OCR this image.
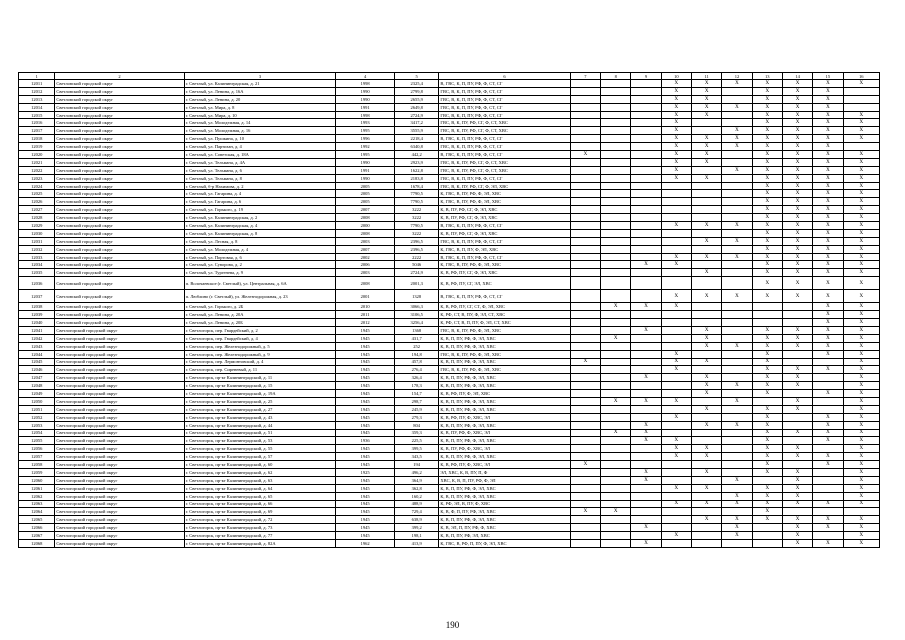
1	2	3	4	5	6	7	8	9	10	11	12	13	14	15	16
12011	Светловский городской округ	г. Светлый, ул. Калининградская, д. 21	1998	2325,4	В, ГВС, К, П, ПУ, РФ, Ф, СТ, СГ				Х	Х	Х	Х	Х	Х	Х
12012	Светловский городской округ	г. Светлый, ул. Ленина, д. 16А	1990	2799,8	ГВС, В, К, П, ПУ, РФ, Ф, СТ, СГ				Х	Х		Х	Х	Х	
12013	Светловский городской округ	г. Светлый, ул. Ленина, д. 20	1990	2655,9	ГВС, В, К, П, ПУ, РФ, Ф, СТ, СГ				Х	Х		Х	Х	Х	
12014	Светловский городской округ	г. Светлый, ул. Мира, д. 8	1991	2649,8	ГВС, В, К, П, ПУ, РФ, Ф, СТ, СГ				Х	Х	Х	Х	Х	Х	
12015	Светловский городской округ	г. Светлый, ул. Мира, д. 10	1998	2724,9	ГВС, В, К, П, ПУ, РФ, Ф, СТ, СГ				Х	Х		Х	Х	Х	Х
12016	Светловский городской округ	г. Светлый, ул. Молодежная, д. 14	1993	3417,2	ГВС, В, К, ПУ, РФ, СГ, Ф, СТ, ХВС				Х			Х	Х	Х	Х
12017	Светловский городской округ	г. Светлый, ул. Молодежная, д. 16	1995	3555,9	ГВС, В, К, ПУ, РФ, СГ, Ф, СТ, ХВС				Х		Х	Х	Х	Х	Х
12018	Светловский городской округ	г. Светлый, ул. Пушкина, д. 10	1996	2218,4	В, ГВС, К, П, ПУ, РФ, Ф, СТ, СГ				Х	Х	Х	Х	Х	Х	Х
12019	Светловский городской округ	г. Светлый, ул. Партизан, д. 4	1992	6340,8	ГВС, В, К, П, ПУ, РФ, Ф, СТ, СГ				Х	Х	Х	Х	Х	Х	
12020	Светловский городской округ	г. Светлый, ул. Советская, д. 18А	1995	442,2	В, ГВС, К, П, ПУ, РФ, Ф, СТ, СГ	Х			Х	Х		Х	Х	Х	Х
12021	Светловский городской округ	г. Светлый, ул. Тельмана, д. 4А	1990	2923,9	ГВС, В, К, ПУ, РФ, СГ, Ф, СТ, ХВС				Х	Х		Х	Х	Х	Х
12022	Светловский городской округ	г. Светлый, ул. Тельмана, д. 6	1991	1622,8	ГВС, В, К, ПУ, РФ, СГ, Ф, СТ, ХВС				Х		Х	Х	Х	Х	Х
12023	Светловский городской округ	г. Светлый, ул. Тельмана, д. 8	1990	2183,8	ГВС, В, К, П, ПУ, РФ, Ф, СТ, СГ				Х	Х		Х	Х	Х	Х
12024	Светловский городской округ	г. Светлый, б-р Нахимова, д. 2	2005	1678,4	ГВС, В, К, ПУ, РФ, СГ, Ф, ЭЛ, ХВС							Х	Х	Х	Х
12025	Светловский городской округ	г. Светлый, ул. Гагарина, д. 4	2005	7790,5	К, ГВС, В, ПУ, РФ, Ф, ЭЛ, ХВС							Х	Х	Х	Х
12026	Светловский городской округ	г. Светлый, ул. Гагарина, д. 6	2005	7790,5	К, ГВС, В, ПУ, РФ, Ф, ЭЛ, ХВС							Х	Х	Х	Х
12027	Светловский городской округ	г. Светлый, ул. Горького, д. 19	2007	3222	К, В, ПУ, РФ, СГ, Ф, ЭЛ, ХВС							Х	Х	Х	Х
12028	Светловский городской округ	г. Светлый, ул. Калининградская, д. 2	2008	3222	К, В, ПУ, РФ, СГ, Ф, ЭЛ, ХВС							Х	Х	Х	Х
12029	Светловский городской округ	г. Светлый, ул. Калининградская, д. 4	2000	7790,5	В, ГВС, К, П, ПУ, РФ, Ф, СТ, СГ				Х	Х	Х	Х	Х	Х	Х
12030	Светловский городской округ	г. Светлый, ул. Калининградская, д. 8	2008	3222	К, В, ПУ, РФ, СГ, Ф, ЭЛ, ХВС							Х	Х	Х	Х
12031	Светловский городской округ	г. Светлый, ул. Лесная, д. 8	2003	2396,5	ГВС, В, К, П, ПУ, РФ, Ф, СТ, СГ					Х	Х	Х	Х	Х	Х
12032	Светловский городской округ	г. Светлый, ул. Молодежная, д. 4	2007	2396,5	К, ГВС, В, П, ПУ, Ф, ЭЛ, ХВС							Х	Х	Х	Х
12033	Светловский городской округ	г. Светлый, ул. Портовая, д. 6	2002	2222	В, ГВС, К, П, ПУ, РФ, Ф, СТ, СГ				Х	Х	Х	Х	Х	Х	Х
12034	Светловский городской округ	г. Светлый, ул. Суворова, д. 2	2006	5046	К, ГВС, В, ПУ, РФ, Ф, ЭЛ, ХВС			Х	Х			Х	Х	Х	Х
12035	Светловский городской округ	г. Светлый, ул. Тургенева, д. 9	2003	2724,9	К, В, РФ, ПУ, СГ, Ф, ЭЛ, ХВС					Х		Х	Х	Х	Х
12036	Светловский городской округ	п. Волочаевское (г. Светлый), ул. Центральная, д. 6А	2008	2001,3	К, В, РФ, ПУ, СГ, ЭЛ, ХВС							Х	Х	Х	Х
12037	Светловский городской округ	п. Люблино (г. Светлый), ул. Железнодорожная, д. 23	2001	1328	В, ГВС, К, П, ПУ, РФ, Ф, СТ, СГ				Х	Х	Х	Х	Х	Х	Х
12038	Светловский городской округ	г. Светлый, ул. Горького, д. 2Б	2010	3066,3	К, В, РФ, ПУ, СГ, СТ, Ф, ЭЛ, ХВС		Х	Х	Х					Х	Х
12039	Светловский городской округ	г. Светлый, ул. Ленина, д. 20А	2011	3106,5	К, РФ, СТ, В, ПУ, Ф, ЭЛ, СТ, ХВС									Х	Х
12040	Светловский городской округ	г. Светлый, ул. Ленина, д. 20Б	2012	3256,4	К, РФ, СТ, В, П, ПУ, Ф, ЭЛ, СТ, ХВС									Х	Х
12041	Светлогорский городской округ	г. Светлогорск, пер. Гвардейский, д. 2	1945	1368	ГВС, В, К, ПУ, РФ, Ф, ЭЛ, ХВС			Х		Х		Х	Х	Х	Х
12042	Светлогорский городской округ	г. Светлогорск, пер. Гвардейский, д. 4	1945	431,7	К, В, П, ПУ, РФ, Ф, ЭЛ, ХВС		Х			Х		Х	Х	Х	Х
12043	Светлогорский городской округ	г. Светлогорск, пер. Железнодорожный, д. 5	1945	252	К, В, П, ПУ, РФ, Ф, ЭЛ, ХВС					Х	Х	Х	Х	Х	Х
12044	Светлогорский городской округ	г. Светлогорск, пер. Железнодорожный, д. 9	1945	194,8	ГВС, В, К, ПУ, РФ, Ф, ЭЛ, ХВС				Х			Х		Х	Х
12045	Светлогорский городской округ	г. Светлогорск, пер. Лермонтовский, д. 4	1945	457,8	К, В, П, ПУ, РФ, Ф, ЭЛ, ХВС	Х			Х	Х		Х			Х
12046	Светлогорский городской округ	г. Светлогорск, пер. Сиреневый, д. 11	1945	276,4	ГВС, В, К, ПУ, РФ, Ф, ЭЛ, ХВС				Х			Х	Х	Х	Х
12047	Светлогорский городской округ	г. Светлогорск, пр-кт Калининградский, д. 11	1945	326,4	К, В, П, ПУ, РФ, Ф, ЭЛ, ХВС			Х		Х		Х	Х		Х
12048	Светлогорский городской округ	г. Светлогорск, пр-кт Калининградский, д. 15	1945	178,3	К, В, П, ПУ, РФ, Ф, ЭЛ, ХВС					Х	Х	Х	Х		Х
12049	Светлогорский городской округ	г. Светлогорск, пр-кт Калининградский, д. 19А	1945	154,7	К, В, РФ, ПУ, Ф, ЭЛ, ХВС					Х		Х		Х	Х
12050	Светлогорский городской округ	г. Светлогорск, пр-кт Калининградский, д. 25	1945	298,7	К, В, П, ПУ, РФ, Ф, ЭЛ, ХВС		Х	Х	Х		Х		Х		Х
12051	Светлогорский городской округ	г. Светлогорск, пр-кт Калининградский, д. 27	1945	245,9	К, В, П, ПУ, РФ, Ф, ЭЛ, ХВС					Х		Х	Х		Х
12052	Светлогорский городской округ	г. Светлогорск, пр-кт Калининградский, д. 43	1945	279,3	К, В, РФ, ПУ, Ф, ХВС, ЭЛ				Х			Х		Х	Х
12053	Светлогорский городской округ	г. Светлогорск, пр-кт Калининградский, д. 44	1945	804	К, В, П, ПУ, РФ, Ф, ЭЛ, ХВС			Х		Х	Х	Х		Х	Х
12054	Светлогорский городской округ	г. Светлогорск, пр-кт Калининградский, д. 51	1945	359,3	К, В, ПУ, РФ, Ф, ХВС, ЭЛ		Х	Х				Х	Х	Х	Х
12055	Светлогорский городской округ	г. Светлогорск, пр-кт Калининградский, д. 53	1936	225,5	К, В, П, ПУ, РФ, Ф, ЭЛ, ХВС			Х	Х			Х		Х	Х
12056	Светлогорский городской округ	г. Светлогорск, пр-кт Калининградский, д. 55	1945	399,5	К, В, ПУ, РФ, Ф, ХВС, ЭЛ				Х	Х		Х	Х		Х
12057	Светлогорский городской округ	г. Светлогорск, пр-кт Калининградский, д. 57	1945	343,5	К, В, П, ПУ, РФ, Ф, ЭЛ, ХВС				Х	Х		Х	Х	Х	Х
12058	Светлогорский городской округ	г. Светлогорск, пр-кт Калининградский, д. 60	1945	194	К, В, РФ, ПУ, Ф, ХВС, ЭЛ	Х						Х		Х	Х
12059	Светлогорский городской округ	г. Светлогорск, пр-кт Калининградский, д. 62	1925	496,2	ЭЛ, ХВС, К, В, ПУ, П, Ф			Х		Х		Х	Х		Х
12060	Светлогорский городской округ	г. Светлогорск, пр-кт Калининградский, д. 63	1945	364,9	ХВС, К, В, П, ПУ, РФ, Ф, ЭЛ			Х			Х		Х		Х
12061	Светлогорский городской округ	г. Светлогорск, пр-кт Калининградский, д. 64	1945	362,8	К, В, П, ПУ, РФ, Ф, ЭЛ, ХВС				Х	Х		Х	Х		Х
12062	Светлогорский городской округ	г. Светлогорск, пр-кт Калининградский, д. 65	1945	160,2	К, В, П, ПУ, РФ, Ф, ЭЛ, ХВС						Х	Х	Х		Х
12063	Светлогорский городской округ	г. Светлогорск, пр-кт Калининградский, д. 66	1945	488,9	К, РФ, ЭЛ, В, ПУ, Ф, ХВС				Х	Х	Х	Х	Х	Х	Х
12064	Светлогорский городской округ	г. Светлогорск, пр-кт Калининградский, д. 69	1945	729,4	К, В, Ф, П, ПУ, РФ, ЭЛ, ХВС	Х	Х					Х			
12065	Светлогорский городской округ	г. Светлогорск, пр-кт Калининградский, д. 72	1945	638,9	К, В, П, ПУ, РФ, Ф, ЭЛ, ХВС					Х	Х	Х	Х	Х	Х
12066	Светлогорский городской округ	г. Светлогорск, пр-кт Калининградский, д. 73	1945	399,2	К, В, ЭЛ, П, ПУ, РФ, Ф, ХВС			Х			Х		Х	Х	Х
12067	Светлогорский городской округ	г. Светлогорск, пр-кт Калининградский, д. 77	1945	198,1	К, В, П, ПУ, РФ, ЭЛ, ХВС				Х		Х		Х		Х
12068	Светлогорский городской округ	г. Светлогорск, пр-кт Калининградский, д. 82А	1962	413,9	К, ГВС, В, РФ, П, ПУ, Ф, ЭЛ, ХВС			Х					Х	Х	Х
190
